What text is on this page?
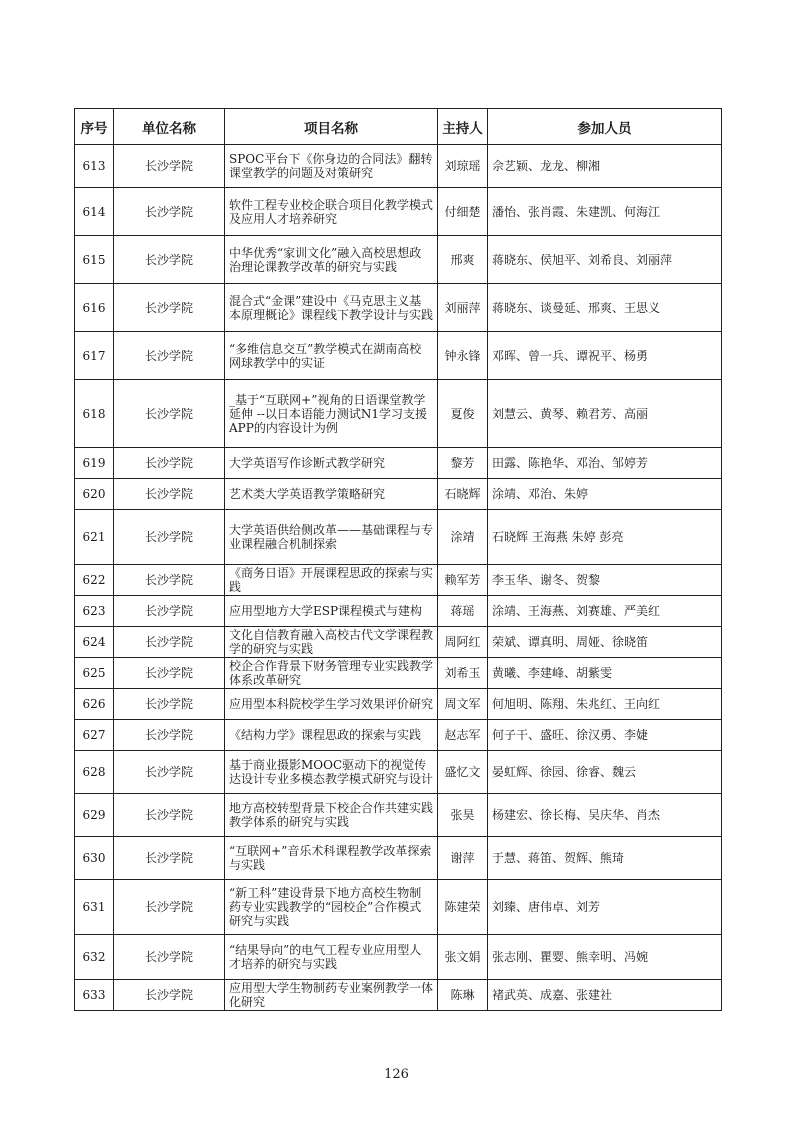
序号	单位名称	项目名称	主持人	参加人员
613	长沙学院	SPOC平台下《你身边的合同法》翻转课堂教学的问题及对策研究	刘琼瑶	佘艺颖、龙龙、柳湘
614	长沙学院	软件工程专业校企联合项目化教学模式及应用人才培养研究	付细楚	潘怡、张肖霞、朱建凯、何海江
615	长沙学院	中华优秀“家训文化”融入高校思想政治理论课教学改革的研究与实践	邢爽	蒋晓东、侯旭平、刘希良、刘丽萍
616	长沙学院	混合式“金课”建设中《马克思主义基本原理概论》课程线下教学设计与实践	刘丽萍	蒋晓东、谈曼延、邢爽、王思义
617	长沙学院	“多维信息交互”教学模式在湖南高校网球教学中的实证	钟永锋	邓晖、曾一兵、谭祝平、杨勇
618	长沙学院	_基于“互联网+”视角的日语课堂教学延伸 --以日本语能力测试N1学习支援APP的内容设计为例	夏俊	刘慧云、黄琴、赖君芳、高丽
619	长沙学院	大学英语写作诊断式教学研究	黎芳	田露、陈艳华、邓治、邹婷芳
620	长沙学院	艺术类大学英语教学策略研究	石晓辉	涂靖、邓治、朱婷
621	长沙学院	大学英语供给侧改革——基础课程与专业课程融合机制探索	涂靖	石晓辉 王海燕 朱婷 彭亮
622	长沙学院	《商务日语》开展课程思政的探索与实践	赖军芳	李玉华、谢冬、贺黎
623	长沙学院	应用型地方大学ESP课程模式与建构	蒋瑶	涂靖、王海燕、刘赛雄、严美红
624	长沙学院	文化自信教育融入高校古代文学课程教学的研究与实践	周阿红	荣斌、谭真明、周娅、徐晓笛
625	长沙学院	校企合作背景下财务管理专业实践教学体系改革研究	刘希玉	黄曦、李建峰、胡紫雯
626	长沙学院	应用型本科院校学生学习效果评价研究	周文军	何旭明、陈翔、朱兆红、王向红
627	长沙学院	《结构力学》课程思政的探索与实践	赵志军	何子干、盛旺、徐汉勇、李婕
628	长沙学院	基于商业摄影MOOC驱动下的视觉传达设计专业多模态教学模式研究与设计	盛忆文	晏虹辉、徐园、徐睿、魏云
629	长沙学院	地方高校转型背景下校企合作共建实践教学体系的研究与实践	张昊	杨建宏、徐长梅、吴庆华、肖杰
630	长沙学院	“互联网+”音乐术科课程教学改革探索与实践	谢萍	于慧、蒋笛、贺辉、熊琦
631	长沙学院	“新工科”建设背景下地方高校生物制药专业实践教学的“园校企”合作模式研究与实践	陈建荣	刘臻、唐伟卓、刘芳
632	长沙学院	“结果导向”的电气工程专业应用型人才培养的研究与实践	张文娟	张志刚、瞿婴、熊幸明、冯婉
633	长沙学院	应用型大学生物制药专业案例教学一体化研究	陈琳	褚武英、成嘉、张建社
126
